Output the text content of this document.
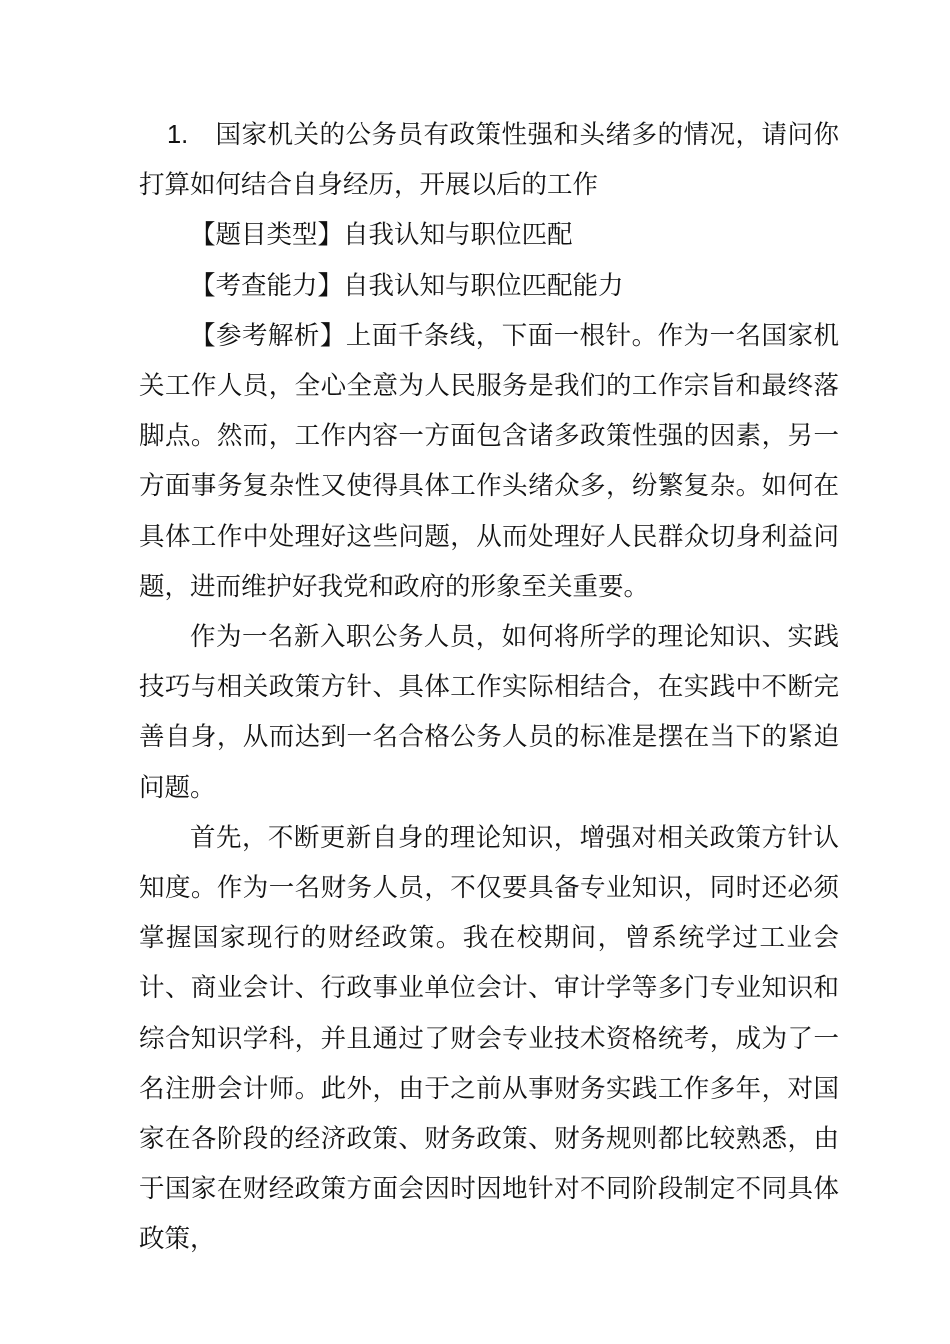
1. 国家机关的公务员有政策性强和头绪多的情况，请问你打算如何结合自身经历，开展以后的工作

【题目类型】自我认知与职位匹配

【考查能力】自我认知与职位匹配能力

【参考解析】上面千条线，下面一根针。作为一名国家机关工作人员，全心全意为人民服务是我们的工作宗旨和最终落脚点。然而，工作内容一方面包含诸多政策性强的因素，另一方面事务复杂性又使得具体工作头绪众多，纷繁复杂。如何在具体工作中处理好这些问题，从而处理好人民群众切身利益问题，进而维护好我党和政府的形象至关重要。

作为一名新入职公务人员，如何将所学的理论知识、实践技巧与相关政策方针、具体工作实际相结合，在实践中不断完善自身，从而达到一名合格公务人员的标准是摆在当下的紧迫问题。

首先，不断更新自身的理论知识，增强对相关政策方针认知度。作为一名财务人员，不仅要具备专业知识，同时还必须掌握国家现行的财经政策。我在校期间，曾系统学过工业会计、商业会计、行政事业单位会计、审计学等多门专业知识和综合知识学科，并且通过了财会专业技术资格统考，成为了一名注册会计师。此外，由于之前从事财务实践工作多年，对国家在各阶段的经济政策、财务政策、财务规则都比较熟悉，由于国家在财经政策方面会因时因地针对不同阶段制定不同具体政策，
